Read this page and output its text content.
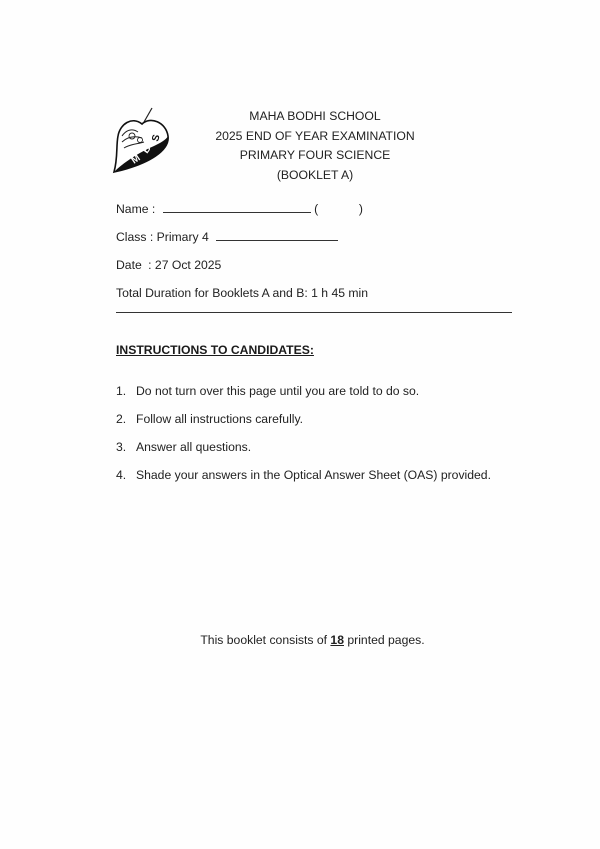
M
B
S
MAHA BODHI SCHOOL
2025 END OF YEAR EXAMINATION
PRIMARY FOUR SCIENCE
(BOOKLET A)
Name :	(	)
Class : Primary 4
Date : 27 Oct 2025
Total Duration for Booklets A and B: 1 h 45 min
INSTRUCTIONS TO CANDIDATES:
1. Do not turn over this page until you are told to do so.
2. Follow all instructions carefully.
3. Answer all questions.
4. Shade your answers in the Optical Answer Sheet (OAS) provided.
This booklet consists of 18 printed pages.
